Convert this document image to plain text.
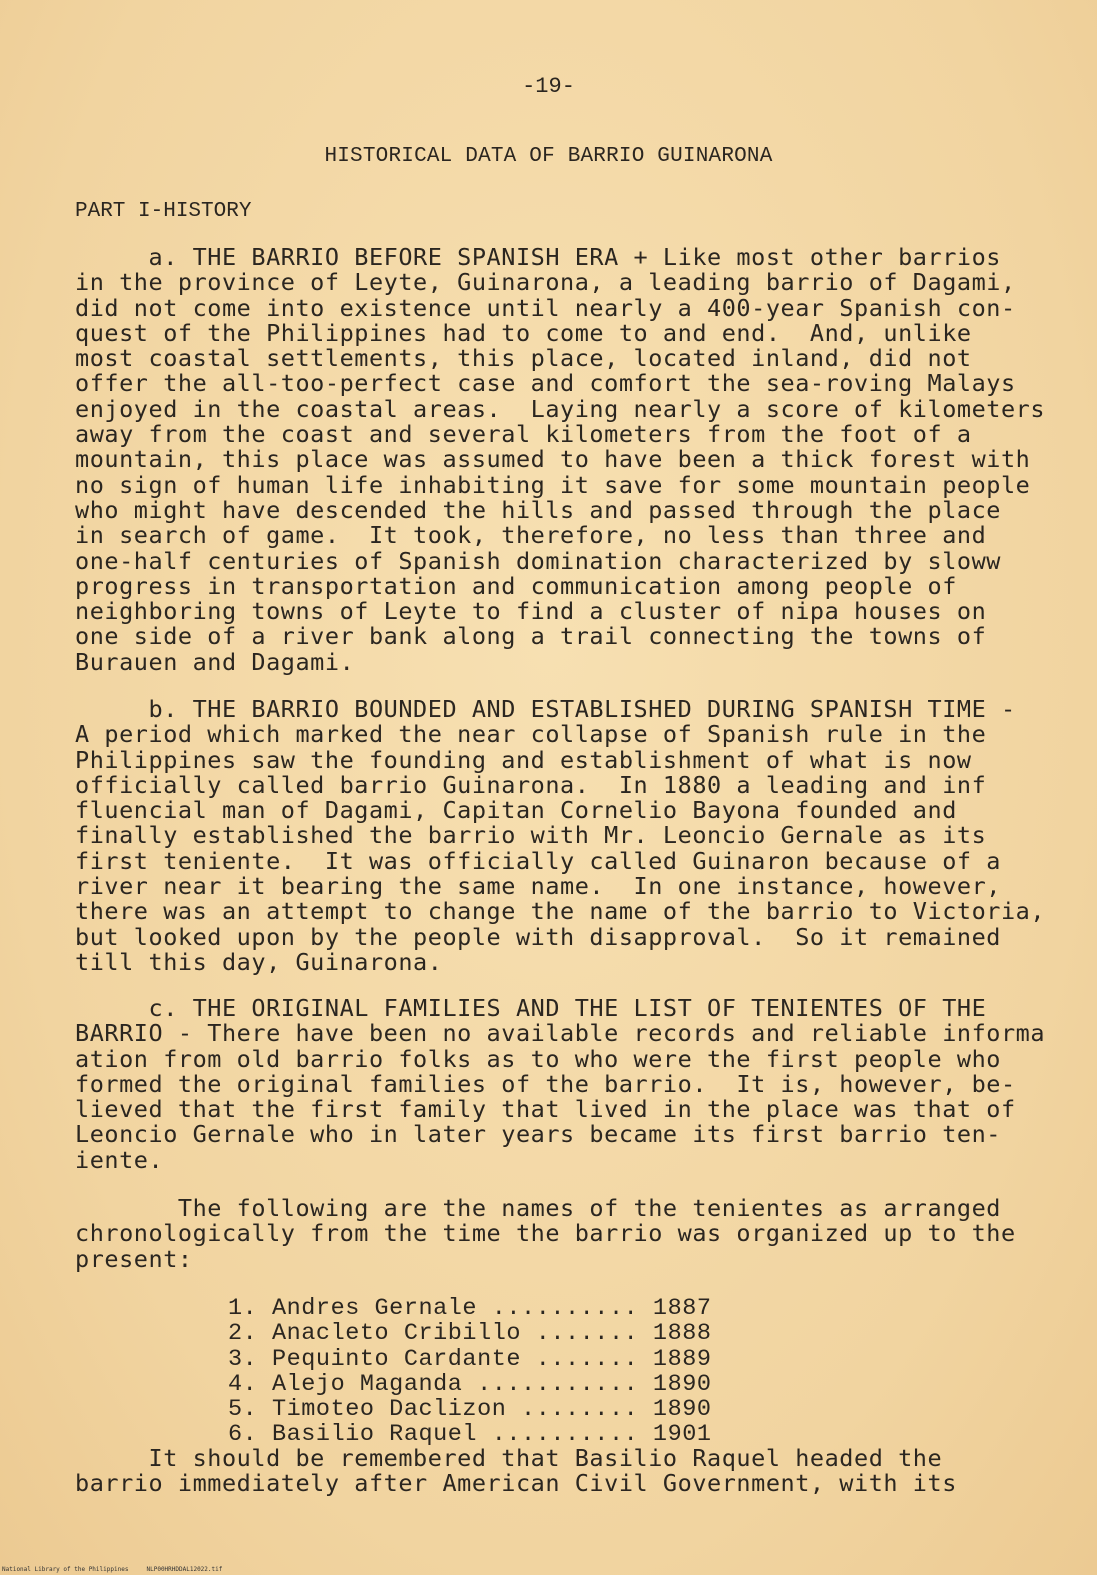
-19-
HISTORICAL DATA OF BARRIO GUINARONA
PART I-HISTORY
a. THE BARRIO BEFORE SPANISH ERA + Like most other barrios
in the province of Leyte, Guinarona, a leading barrio of Dagami,
did not come into existence until nearly a 400-year Spanish con-
quest of the Philippines had to come to and end.  And, unlike
most coastal settlements, this place, located inland, did not
offer the all-too-perfect case and comfort the sea-roving Malays
enjoyed in the coastal areas.  Laying nearly a score of kilometers
away from the coast and several kilometers from the foot of a
mountain, this place was assumed to have been a thick forest with
no sign of human life inhabiting it save for some mountain people
who might have descended the hills and passed through the place
in search of game.  It took, therefore, no less than three and
one-half centuries of Spanish domination characterized by sloww
progress in transportation and communication among people of
neighboring towns of Leyte to find a cluster of nipa houses on
one side of a river bank along a trail connecting the towns of
Burauen and Dagami.
b. THE BARRIO BOUNDED AND ESTABLISHED DURING SPANISH TIME -
A period which marked the near collapse of Spanish rule in the
Philippines saw the founding and establishment of what is now
officially called barrio Guinarona.  In 1880 a leading and inf
fluencial man of Dagami, Capitan Cornelio Bayona founded and
finally established the barrio with Mr. Leoncio Gernale as its
first teniente.  It was officially called Guinaron because of a
river near it bearing the same name.  In one instance, however,
there was an attempt to change the name of the barrio to Victoria,
but looked upon by the people with disapproval.  So it remained
till this day, Guinarona.
c. THE ORIGINAL FAMILIES AND THE LIST OF TENIENTES OF THE
BARRIO - There have been no available records and reliable informa
ation from old barrio folks as to who were the first people who
formed the original families of the barrio.  It is, however, be-
lieved that the first family that lived in the place was that of
Leoncio Gernale who in later years became its first barrio ten-
iente.
The following are the names of the tenientes as arranged
chronologically from the time the barrio was organized up to the
present:
1. Andres Gernale .......... 1887
2. Anacleto Cribillo ....... 1888
3. Pequinto Cardante ....... 1889
4. Alejo Maganda ........... 1890
5. Timoteo Daclizon ........ 1890
6. Basilio Raquel .......... 1901
It should be remembered that Basilio Raquel headed the
barrio immediately after American Civil Government, with its
National Library of the Philippines     NLP00HRHDDAL12022.tif
